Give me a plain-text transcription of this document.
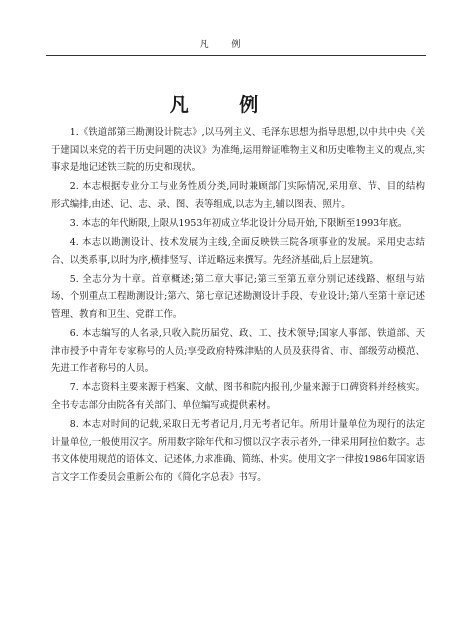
凡 例
凡 例

1.《铁道部第三勘测设计院志》,以马列主义、毛泽东思想为指导思想,以中共中央《关于建国以来党的若干历史问题的决议》为准绳,运用辩证唯物主义和历史唯物主义的观点,实事求是地记述铁三院的历史和现状。

2. 本志根据专业分工与业务性质分类,同时兼顾部门实际情况,采用章、节、目的结构形式编排,由述、记、志、录、图、表等组成,以志为主,辅以图表、照片。

3. 本志的年代断限,上限从1953年初成立华北设计分局开始,下限断至1993年底。

4. 本志以勘测设计、技术发展为主线,全面反映铁三院各项事业的发展。采用史志结合、以类系事,以时为序,横排竖写、详近略远来撰写。先经济基础,后上层建筑。

5. 全志分为十章。首章概述;第二章大事记;第三至第五章分别记述线路、枢纽与站场、个别重点工程勘测设计;第六、第七章记述勘测设计手段、专业设计;第八至第十章记述管理、教育和卫生、党群工作。

6. 本志编写的人名录,只收入院历届党、政、工、技术领导;国家人事部、铁道部、天津市授予中青年专家称号的人员;享受政府特殊津贴的人员及获得省、市、部级劳动模范、先进工作者称号的人员。

7. 本志资料主要来源于档案、文献、图书和院内报刊,少量来源于口碑资料并经核实。全书专志部分由院各有关部门、单位编写或提供素材。

8. 本志对时间的记载,采取日无考者记月,月无考者记年。所用计量单位为现行的法定计量单位,一般使用汉字。所用数字除年代和习惯以汉字表示者外,一律采用阿拉伯数字。志书文体使用规范的语体文、记述体,力求准确、简练、朴实。使用文字一律按1986年国家语言文字工作委员会重新公布的《简化字总表》书写。
